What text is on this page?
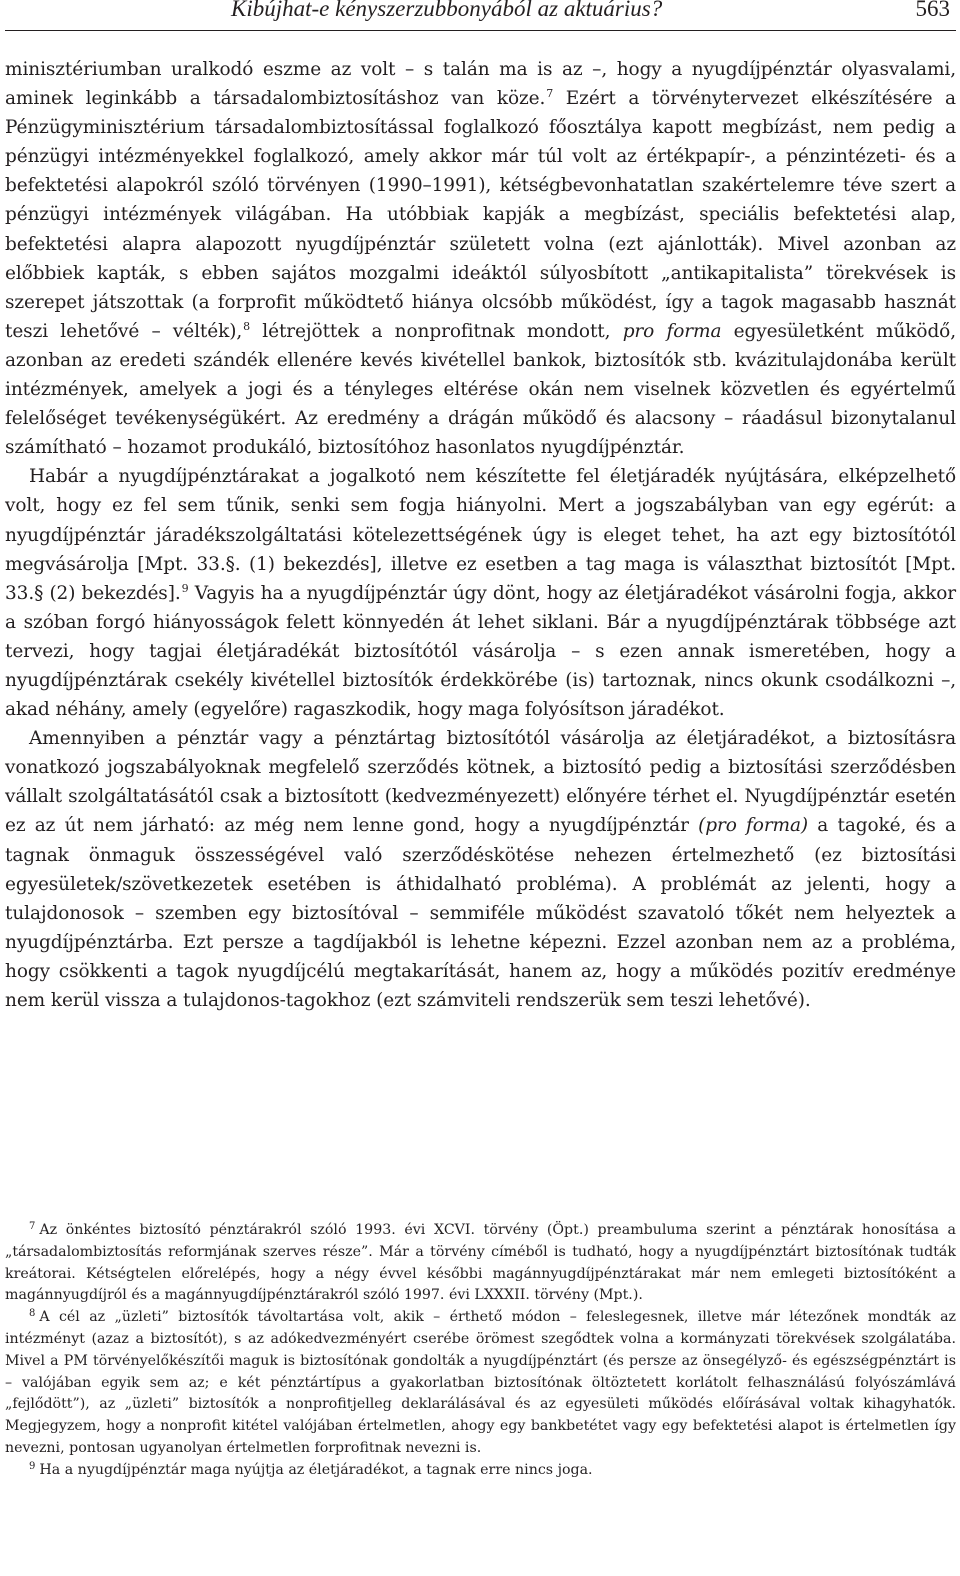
Kibújhat-e kényszerzubbonyából az aktuárius?	563

minisztériumban uralkodó eszme az volt – s talán ma is az –, hogy a nyugdíjpénztár olyasvalami, aminek leginkább a társadalombiztosításhoz van köze.$^7$ Ezért a törvénytervezet elkészítésére a Pénzügyminisztérium társadalombiztosítással foglalkozó főosztálya kapott megbízást, nem pedig a pénzügyi intézményekkel foglalkozó, amely akkor már túl volt az értékpapír-, a pénzintézeti- és a befektetési alapokról szóló törvényen (1990–1991), kétségbevonhatatlan szakértelemre téve szert a pénzügyi intézmények világában. Ha utóbbiak kapják a megbízást, speciális befektetési alap, befektetési alapra alapozott nyugdíjpénztár született volna (ezt ajánlották). Mivel azonban az előbbiek kapták, s ebben sajátos mozgalmi ideáktól súlyosbított „antikapitalista” törekvések is szerepet játszottak (a forprofit működtető hiánya olcsóbb működést, így a tagok magasabb hasznát teszi lehetővé – vélték),$^8$ létrejöttek a nonprofitnak mondott, pro forma egyesületként működő, azonban az eredeti szándék ellenére kevés kivétellel bankok, biztosítók stb. kvázitulajdonába került intézmények, amelyek a jogi és a tényleges eltérése okán nem viselnek közvetlen és egyértelmű felelőséget tevékenységükért. Az eredmény a drágán működő és alacsony – ráadásul bizonytalanul számítható – hozamot produkáló, biztosítóhoz hasonlatos nyugdíjpénztár.

Habár a nyugdíjpénztárakat a jogalkotó nem készítette fel életjáradék nyújtására, elképzelhető volt, hogy ez fel sem tűnik, senki sem fogja hiányolni. Mert a jogszabályban van egy egérút: a nyugdíjpénztár járadékszolgáltatási kötelezettségének úgy is eleget tehet, ha azt egy biztosítótól megvásárolja [Mpt. 33.§. (1) bekezdés], illetve ez esetben a tag maga is választhat biztosítót [Mpt. 33.§ (2) bekezdés].$^9$ Vagyis ha a nyugdíjpénztár úgy dönt, hogy az életjáradékot vásárolni fogja, akkor a szóban forgó hiányosságok felett könnyedén át lehet siklani. Bár a nyugdíjpénztárak többsége azt tervezi, hogy tagjai életjáradékát biztosítótól vásárolja – s ezen annak ismeretében, hogy a nyugdíjpénztárak csekély kivétellel biztosítók érdekkörébe (is) tartoznak, nincs okunk csodálkozni –, akad néhány, amely (egyelőre) ragaszkodik, hogy maga folyósítson járadékot.

Amennyiben a pénztár vagy a pénztártag biztosítótól vásárolja az életjáradékot, a biztosításra vonatkozó jogszabályoknak megfelelő szerződés kötnek, a biztosító pedig a biztosítási szerződésben vállalt szolgáltatásától csak a biztosított (kedvezményezett) előnyére térhet el. Nyugdíjpénztár esetén ez az út nem járható: az még nem lenne gond, hogy a nyugdíjpénztár (pro forma) a tagoké, és a tagnak önmaguk összességével való szerződéskötése nehezen értelmezhető (ez biztosítási egyesületek/szövetkezetek esetében is áthidalható probléma). A problémát az jelenti, hogy a tulajdonosok – szemben egy biztosítóval – semmiféle működést szavatoló tőkét nem helyeztek a nyugdíjpénztárba. Ezt persze a tagdíjakból is lehetne képezni. Ezzel azonban nem az a probléma, hogy csökkenti a tagok nyugdíjcélú megtakarítását, hanem az, hogy a működés pozitív eredménye nem kerül vissza a tulajdonos-tagokhoz (ezt számviteli rendszerük sem teszi lehetővé).

$^7$ Az önkéntes biztosító pénztárakról szóló 1993. évi XCVI. törvény (Öpt.) preambuluma szerint a pénztárak honosítása a „társadalombiztosítás reformjának szerves része”. Már a törvény címéből is tudható, hogy a nyugdíjpénztárt biztosítónak tudták kreátorai. Kétségtelen előrelépés, hogy a négy évvel későbbi magánnyugdíjpénztárakat már nem emlegeti biztosítóként a magánnyugdíjról és a magánnyugdíjpénztárakról szóló 1997. évi LXXXII. törvény (Mpt.).

$^8$ A cél az „üzleti” biztosítók távoltartása volt, akik – érthető módon – feleslegesnek, illetve már létezőnek mondták az intézményt (azaz a biztosítót), s az adókedvezményért cserébe örömest szegődtek volna a kormányzati törekvések szolgálatába. Mivel a PM törvényelőkészítői maguk is biztosítónak gondolták a nyugdíjpénztárt (és persze az önsegélyző- és egészségpénztárt is – valójában egyik sem az; e két pénztártípus a gyakorlatban biztosítónak öltöztetett korlátolt felhasználású folyószámlává „fejlődött”), az „üzleti” biztosítók a nonprofitjelleg deklarálásával és az egyesületi működés előírásával voltak kihagyhatók. Megjegyzem, hogy a nonprofit kitétel valójában értelmetlen, ahogy egy bankbetétet vagy egy befektetési alapot is értelmetlen így nevezni, pontosan ugyanolyan értelmetlen forprofitnak nevezni is.

$^9$ Ha a nyugdíjpénztár maga nyújtja az életjáradékot, a tagnak erre nincs joga.
